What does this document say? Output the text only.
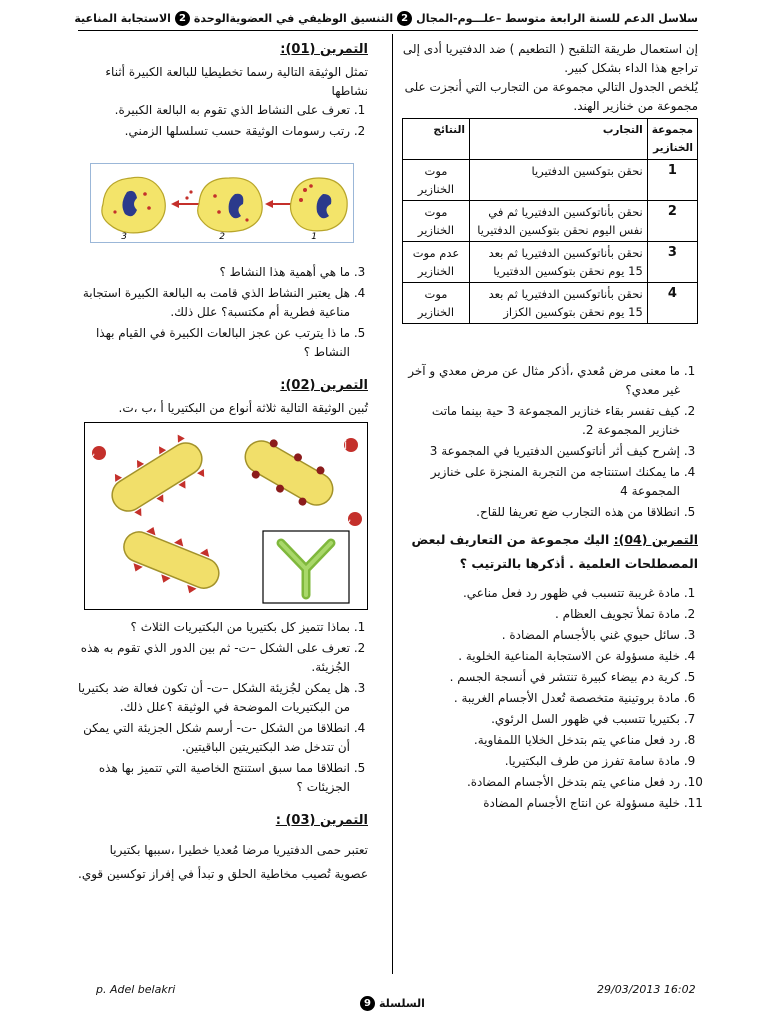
سلاسل الدعم للسنة الرابعة متوسط –علـــوم-
المجال
2
التنسيق الوظيفي في العضوية
الوحدة
2
الاستجابة المناعية
التمرين (01):

تمثل الوثيقة التالية رسما تخطيطيا للبالعة الكبيرة أثناء نشاطها

1. تعرف على النشاط الذي تقوم به البالعة الكبيرة.
2. رتب رسومات الوثيقة حسب تسلسلها الزمني.
3	2	1
3. ما هي أهمية هذا النشاط ؟
4. هل يعتبر النشاط الذي قامت به البالعة الكبيرة استجابة مناعية فطرية أم مكتسبة؟ علل ذلك.
5. ما ذا يترتب عن عجز البالعات الكبيرة في القيام بهذا النشاط ؟
التمرين (02):

تُبين الوثيقة التالية ثلاثة أنواع من البكتيريا أ ،ب ،ت.

ب
أ
ت
1. بماذا تتميز كل بكتيريا من البكتيريات الثلاث ؟
2. تعرف على الشكل –ت- ثم بين الدور الذي تقوم به هذه الجُزيئة.
3. هل يمكن لجُزيئة الشكل –ت- أن تكون فعالة ضد بكتيريا من البكتيريات الموضحة في الوثيقة ؟علل ذلك.
4. انطلاقا من الشكل -ت- أرسم شكل الجزيئة التي يمكن أن تتدخل ضد البكتيريتين الباقيتين.
5. انطلاقا مما سبق استنتج الخاصية التي تتميز بها هذه الجزيئات ؟
التمرين (03) :

تعتبر حمى الدفتيريا مرضا مُعديا خطيرا ،سببها بكتيريا عصوية تُصيب مخاطية الحلق و تبدأ في إفراز توكسين قوي.

إن استعمال طريقة التلقيح ( التطعيم ) ضد الدفتيريا أدى إلى تراجع هذا الداء بشكل كبير.

يُلخص الجدول التالي مجموعة من التجارب التي أنجزت على مجموعة من خنازير الهند.

مجموعة الخنازير	التجارب	النتائج
1	نحقن بتوكسين الدفتيريا	موت الخنازير
2	نحقن بأناتوكسين الدفتيريا ثم في نفس اليوم نحقن بتوكسين الدفتيريا	موت الخنازير
3	نحقن بأناتوكسين الدفتيريا ثم بعد 15 يوم نحقن بتوكسين الدفتيريا	عدم موت الخنازير
4	نحقن بأناتوكسين الدفتيريا ثم بعد 15 يوم نحقن بتوكسين الكزاز	موت الخنازير
1. ما معنى مرض مُعدي ،أذكر مثال عن مرض معدي و آخر غير معدي؟
2. كيف تفسر بقاء خنازير المجموعة 3 حية بينما ماتت خنازير المجموعة 2.
3. إشرح كيف أثر أناتوكسين الدفتيريا في المجموعة 3
4. ما يمكنك استنتاجه من التجربة المنجزة على خنازير المجموعة 4
5. انطلاقا من هذه التجارب ضع تعريفا للقاح.

التمرين (04): اليك مجموعة من التعاريف لبعض المصطلحات العلمية . أذكرها بالترتيب ؟

1. مادة غريبة تتسبب في ظهور رد فعل مناعي.
2. مادة تملأ تجويف العظام .
3. سائل حيوي غني بالأجسام المضادة .
4. خلية مسؤولة عن الاستجابة المناعية الخلوية .
5. كرية دم بيضاء كبيرة تنتشر في أنسجة الجسم .
6. مادة بروتينية متخصصة تُعدل الأجسام الغريبة .
7. بكتيريا تتسبب في ظهور السل الرئوي.
8. رد فعل مناعي يتم بتدخل الخلايا اللمفاوية.
9. مادة سامة تفرز من طرف البكتيريا.
10. رد فعل مناعي يتم بتدخل الأجسام المضادة.
11. خلية مسؤولة عن انتاج الأجسام المضادة
p. Adel belakri	29/03/2013 16:02
السلسلة
9
